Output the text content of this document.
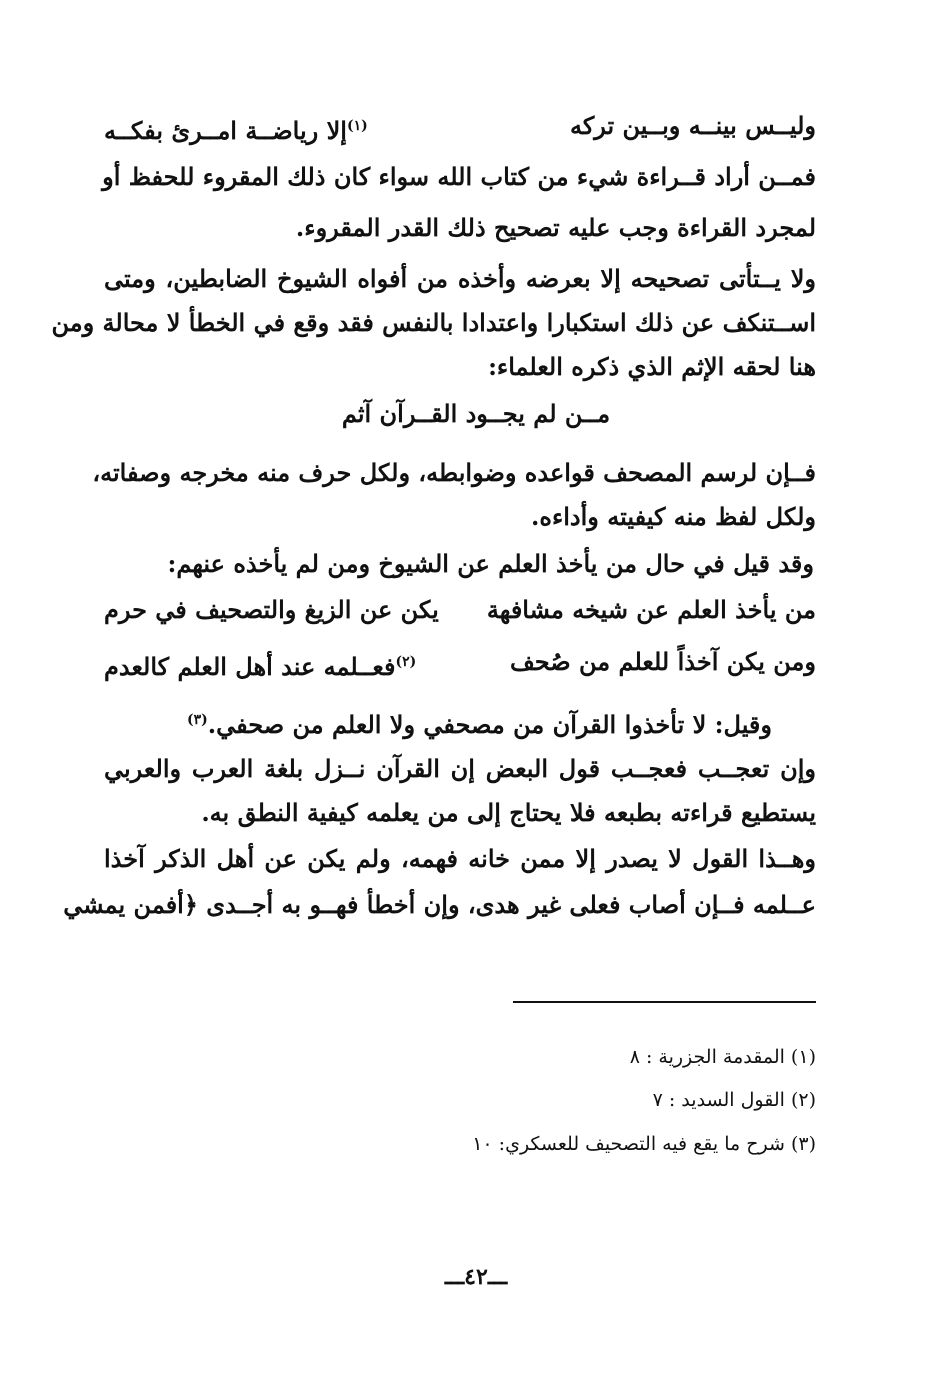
وليــس بينــه وبــين تركه
$^{(١)}$إلا رياضــة امــرئ بفكــه
فمــن أراد قــراءة شيء من كتاب الله سواء كان ذلك المقروء للحفظ أو
لمجرد القراءة وجب عليه تصحيح ذلك القدر المقروء.
ولا يــتأتى تصحيحه إلا بعرضه وأخذه من أفواه الشيوخ الضابطين، ومتى
اســتنكف عن ذلك استكبارا واعتدادا بالنفس فقد وقع في الخطأ لا محالة ومن
هنا لحقه الإثم الذي ذكره العلماء:
مــن لم يجــود القــرآن آثم
فــإن لرسم المصحف قواعده وضوابطه، ولكل حرف منه مخرجه وصفاته،
ولكل لفظ منه كيفيته وأداءه.
وقد قيل في حال من يأخذ العلم عن الشيوخ ومن لم يأخذه عنهم:
من يأخذ العلم عن شيخه مشافهة
يكن عن الزيغ والتصحيف في حرم
ومن يكن آخذاً للعلم من صُحف
$^{(٢)}$فعــلمه عند أهل العلم كالعدم
وقيل: لا تأخذوا القرآن من مصحفي ولا العلم من صحفي.$^{(٣)}$
وإن تعجــب فعجــب قول البعض إن القرآن نــزل بلغة العرب والعربي
يستطيع قراءته بطبعه فلا يحتاج إلى من يعلمه كيفية النطق به.
وهــذا القول لا يصدر إلا ممن خانه فهمه، ولم يكن عن أهل الذكر آخذا
عــلمه فــإن أصاب فعلى غير هدى، وإن أخطأ فهــو به أجــدى ﴿أفمن يمشي
(١) المقدمة الجزرية : ٨
(٢) القول السديد : ٧
(٣) شرح ما يقع فيه التصحيف للعسكري: ١٠
ـــ٤٢ـــ
